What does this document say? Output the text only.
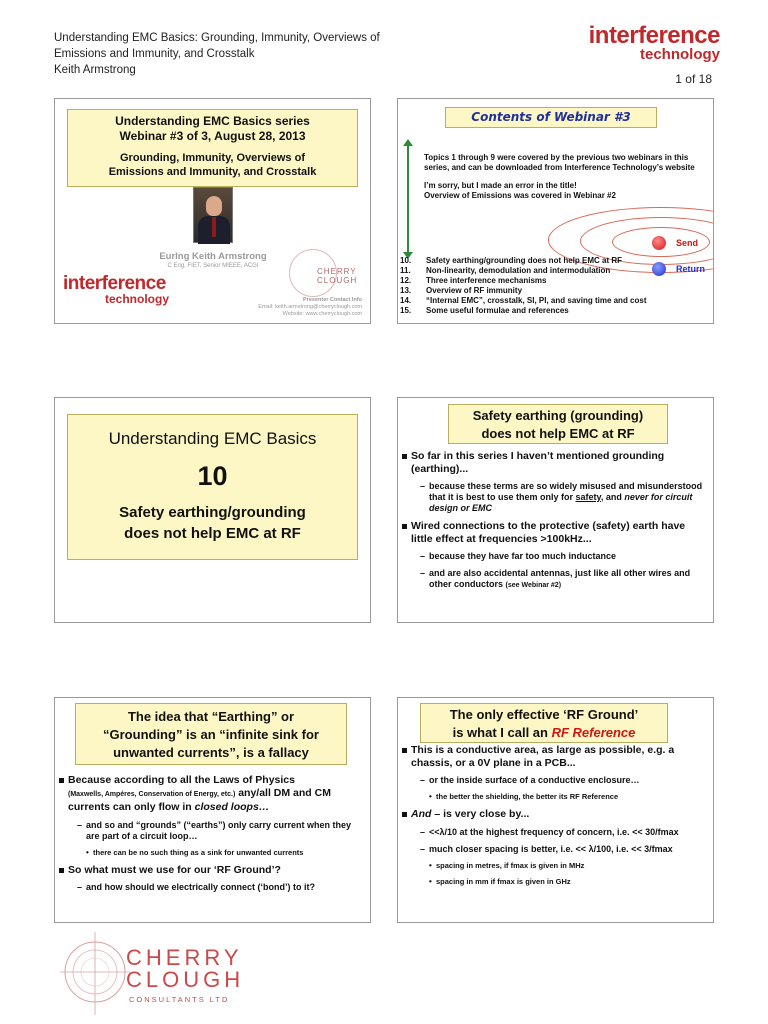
Understanding EMC Basics: Grounding, Immunity, Overviews of
Emissions and Immunity, and Crosstalk
Keith Armstrong
interference
technology
1 of 18
Understanding EMC Basics series
Webinar #3 of 3, August 28, 2013
Grounding, Immunity, Overviews of
Emissions and Immunity, and Crosstalk
Eurlng Keith Armstrong
C Eng, FIET, Senior MIEEE, ACGI
interference
technology
CHERRY
CLOUGH
Presenter Contact Info
Email: keith.armstrong@cherryclough.com
Website: www.cherryclough.com
Contents of Webinar #3
Topics 1 through 9 were covered by the previous two webinars in this series, and can be downloaded from Interference Technology’s website
I’m sorry, but I made an error in the title!
Overview of Emissions was covered in Webinar #2
Send
Return
10. Safety earthing/grounding does not help EMC at RF
11. Non-linearity, demodulation and intermodulation
12. Three interference mechanisms
13. Overview of RF immunity
14. “Internal EMC”, crosstalk, SI, PI, and saving time and cost
15. Some useful formulae and references
Understanding EMC Basics
10
Safety earthing/grounding
does not help EMC at RF
Safety earthing (grounding)
does not help EMC at RF
So far in this series I haven’t mentioned grounding (earthing)...
– because these terms are so widely misused and misunderstood that it is best to use them only for safety, and never for circuit design or EMC
Wired connections to the protective (safety) earth have little effect at frequencies >100kHz...
– because they have far too much inductance
– and are also accidental antennas, just like all other wires and other conductors (see Webinar #2)
The idea that “Earthing” or
“Grounding” is an “infinite sink for
unwanted currents”, is a fallacy
Because according to all the Laws of Physics
(Maxwells, Ampéres, Conservation of Energy, etc.) any/all DM and CM currents can only flow in closed loops…
– and so and “grounds” (“earths”) only carry current when they are part of a circuit loop…
• there can be no such thing as a sink for unwanted currents
So what must we use for our ‘RF Ground’?
– and how should we electrically connect (‘bond’) to it?
The only effective ‘RF Ground’
is what I call an RF Reference
This is a conductive area, as large as possible, e.g. a chassis, or a 0V plane in a PCB...
– or the inside surface of a conductive enclosure…
• the better the shielding, the better its RF Reference
And – is very close by...
– <<λ/10 at the highest frequency of concern, i.e. << 30/fmax
– much closer spacing is better, i.e. << λ/100, i.e. << 3/fmax
• spacing in metres, if fmax is given in MHz
• spacing in mm if fmax is given in GHz
CHERRY
CLOUGH
CONSULTANTS LTD
